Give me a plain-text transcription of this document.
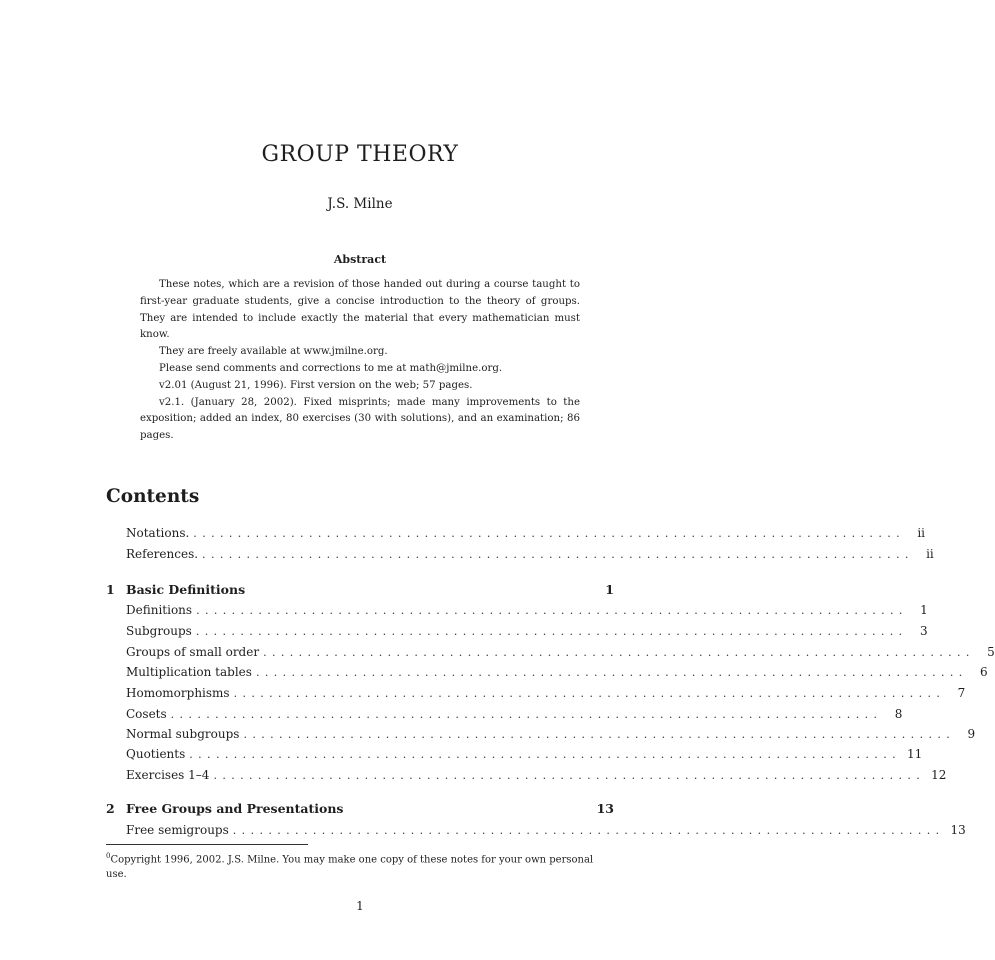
GROUP THEORY
J.S. Milne
Abstract

These notes, which are a revision of those handed out during a course taught to first-year graduate students, give a concise introduction to the theory of groups. They are intended to include exactly the material that every mathematician must know.

They are freely available at www.jmilne.org.

Please send comments and corrections to me at math@jmilne.org.

v2.01 (August 21, 1996). First version on the web; 57 pages.

v2.1. (January 28, 2002). Fixed misprints; made many improvements to the exposition; added an index, 80 exercises (30 with solutions), and an examination; 86 pages.

Contents
Notations. ................................................................................	ii
References. ................................................................................	ii
1 Basic Definitions	1
Definitions ................................................................................	1
Subgroups ................................................................................	3
Groups of small order ................................................................................	5
Multiplication tables ................................................................................	6
Homomorphisms ................................................................................	7
Cosets ................................................................................	8
Normal subgroups ................................................................................	9
Quotients ................................................................................ 11
Exercises 1–4 ................................................................................ 12
2 Free Groups and Presentations	13
Free semigroups ................................................................................ 13
$^0$Copyright 1996, 2002. J.S. Milne. You may make one copy of these notes for your own personal use.
1
